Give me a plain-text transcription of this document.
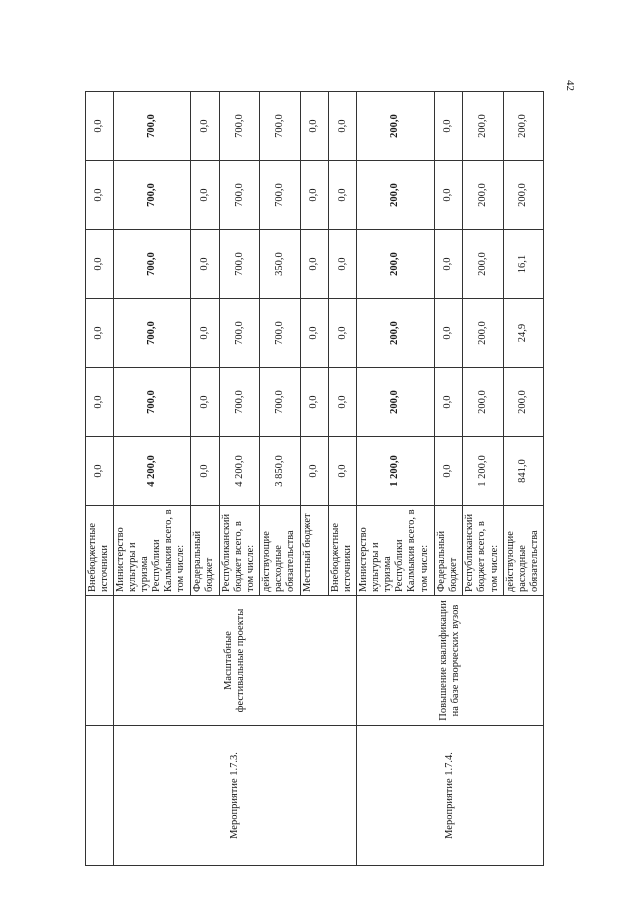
42
		Внебюджетные источники	0,0	0,0	0,0	0,0	0,0	0,0	
Мероприятие 1.7.3.	Масштабные фестивальные проекты	Министерство культуры и туризма Республики Калмыкия всего, в том числе:	4 200,0	700,0	700,0	700,0	700,0	700,0	
		Федеральный бюджет	0,0	0,0	0,0	0,0	0,0	0,0	
		Республиканский бюджет всего, в том числе:	4 200,0	700,0	700,0	700,0	700,0	700,0	
		действующие расходные обязательства	3 850,0	700,0	700,0	350,0	700,0	700,0	
		Местный бюджет	0,0	0,0	0,0	0,0	0,0	0,0	
		Внебюджетные источники	0,0	0,0	0,0	0,0	0,0	0,0	
Мероприятие 1.7.4.	Повышение квалификации на базе творческих вузов	Министерство культуры и туризма Республики Калмыкия всего, в том числе:	1 200,0	200,0	200,0	200,0	200,0	200,0	
		Федеральный бюджет	0,0	0,0	0,0	0,0	0,0	0,0	
		Республиканский бюджет всего, в том числе:	1 200,0	200,0	200,0	200,0	200,0	200,0	
		действующие расходные обязательства	841,0	200,0	24,9	16,1	200,0	200,0	
